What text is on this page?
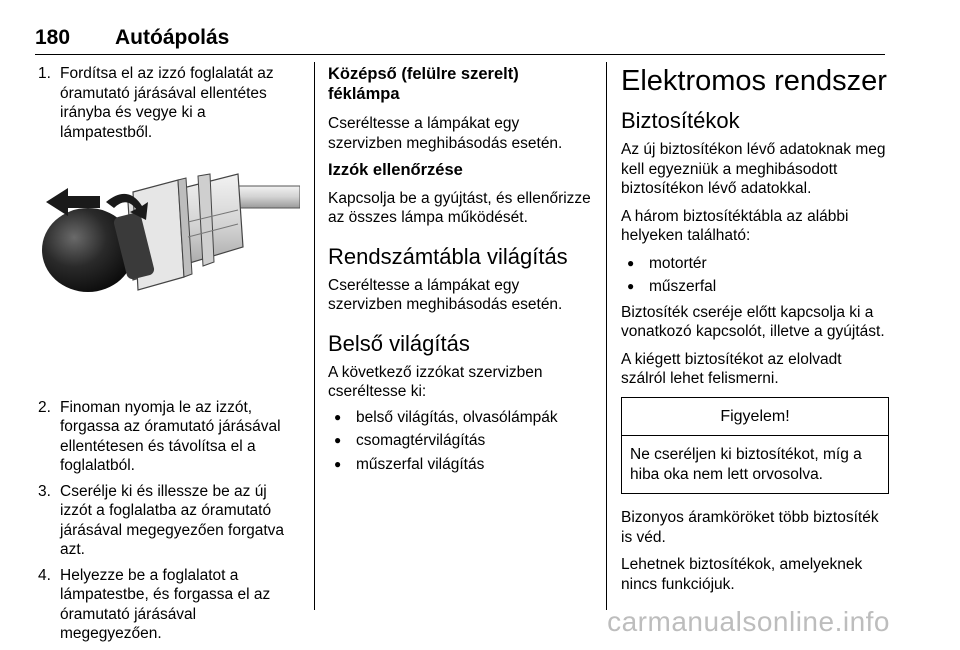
180 Autóápolás
1. Fordítsa el az izzó foglalatát az óramutató járásával ellentétes irányba és vegye ki a lámpatestből.
2. Finoman nyomja le az izzót, forgassa az óramutató járásával ellentétesen és távolítsa el a foglalatból.
3. Cserélje ki és illessze be az új izzót a foglalatba az óramutató járásával megegyezően forgatva azt.
4. Helyezze be a foglalatot a lámpatestbe, és forgassa el az óramutató járásával megegyezően.
Középső (felülre szerelt) féklámpa

Cseréltesse a lámpákat egy szervizben meghibásodás esetén.

Izzók ellenőrzése

Kapcsolja be a gyújtást, és ellenőrizze az összes lámpa működését.

Rendszámtábla világítás

Cseréltesse a lámpákat egy szervizben meghibásodás esetén.

Belső világítás

A következő izzókat szervizben cseréltesse ki:

● belső világítás, olvasólámpák
● csomagtérvilágítás
● műszerfal világítás
Elektromos rendszer
Biztosítékok

Az új biztosítékon lévő adatoknak meg kell egyezniük a meghibásodott biztosítékon lévő adatokkal.

A három biztosítéktábla az alábbi helyeken található:

● motortér
● műszerfal

Biztosíték cseréje előtt kapcsolja ki a vonatkozó kapcsolót, illetve a gyújtást.

A kiégett biztosítékot az elolvadt szálról lehet felismerni.

Figyelem!
Ne cseréljen ki biztosítékot, míg a hiba oka nem lett orvosolva.

Bizonyos áramköröket több biztosíték is véd.

Lehetnek biztosítékok, amelyeknek nincs funkciójuk.

carmanualsonline.info
